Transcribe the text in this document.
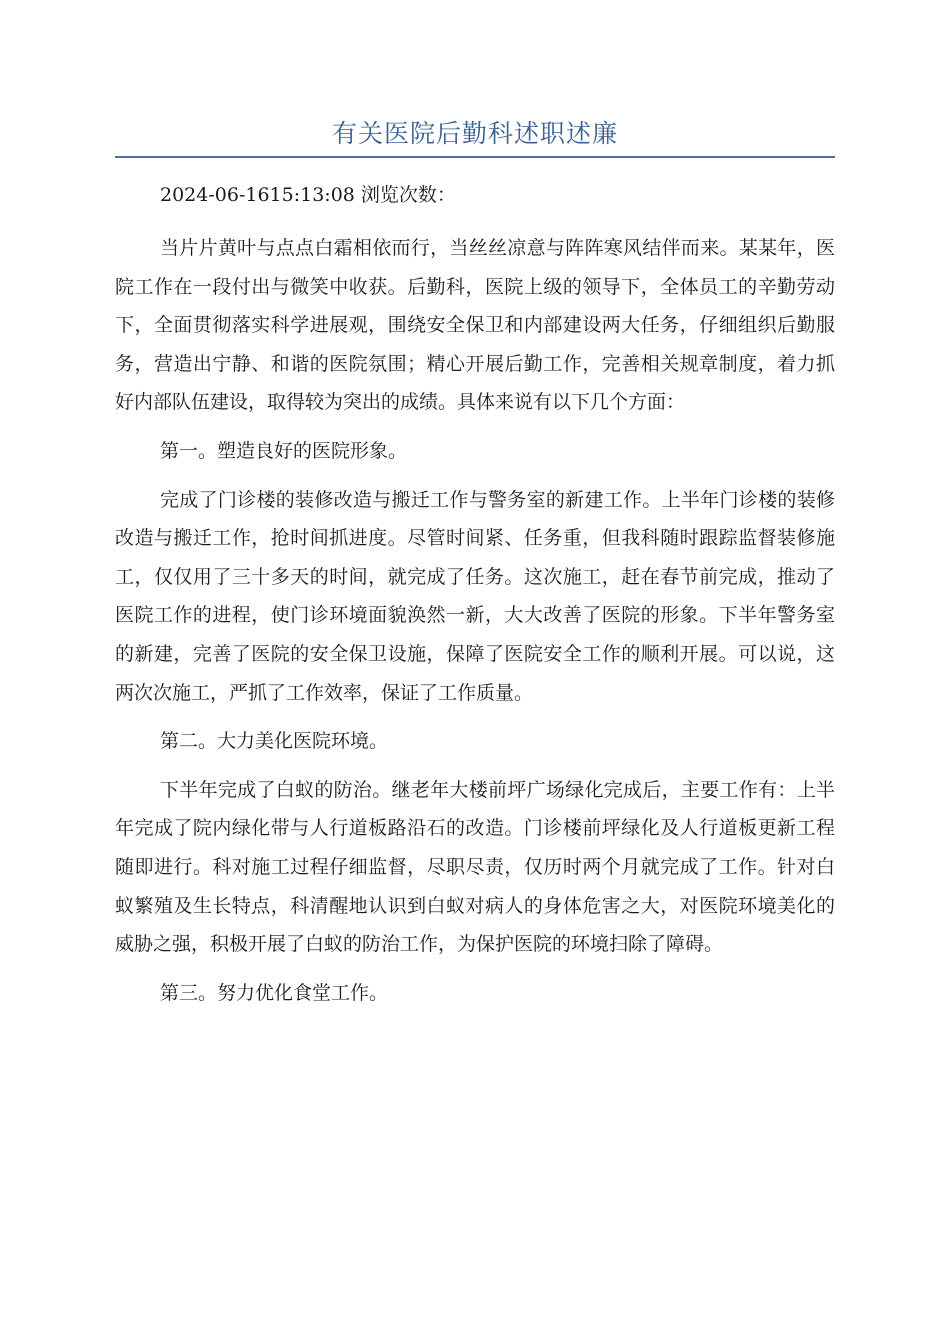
有关医院后勤科述职述廉
2024-06-1615:13:08 浏览次数：

当片片黄叶与点点白霜相依而行，当丝丝凉意与阵阵寒风结伴而来。某某年，医院工作在一段付出与微笑中收获。后勤科，医院上级的领导下，全体员工的辛勤劳动下，全面贯彻落实科学进展观，围绕安全保卫和内部建设两大任务，仔细组织后勤服务，营造出宁静、和谐的医院氛围；精心开展后勤工作，完善相关规章制度，着力抓好内部队伍建设，取得较为突出的成绩。具体来说有以下几个方面：

第一。塑造良好的医院形象。

完成了门诊楼的装修改造与搬迁工作与警务室的新建工作。上半年门诊楼的装修改造与搬迁工作，抢时间抓进度。尽管时间紧、任务重，但我科随时跟踪监督装修施工，仅仅用了三十多天的时间，就完成了任务。这次施工，赶在春节前完成，推动了医院工作的进程，使门诊环境面貌涣然一新，大大改善了医院的形象。下半年警务室的新建，完善了医院的安全保卫设施，保障了医院安全工作的顺利开展。可以说，这两次次施工，严抓了工作效率，保证了工作质量。

第二。大力美化医院环境。

下半年完成了白蚁的防治。继老年大楼前坪广场绿化完成后，主要工作有：上半年完成了院内绿化带与人行道板路沿石的改造。门诊楼前坪绿化及人行道板更新工程随即进行。科对施工过程仔细监督，尽职尽责，仅历时两个月就完成了工作。针对白蚁繁殖及生长特点，科清醒地认识到白蚁对病人的身体危害之大，对医院环境美化的威胁之强，积极开展了白蚁的防治工作，为保护医院的环境扫除了障碍。

第三。努力优化食堂工作。
